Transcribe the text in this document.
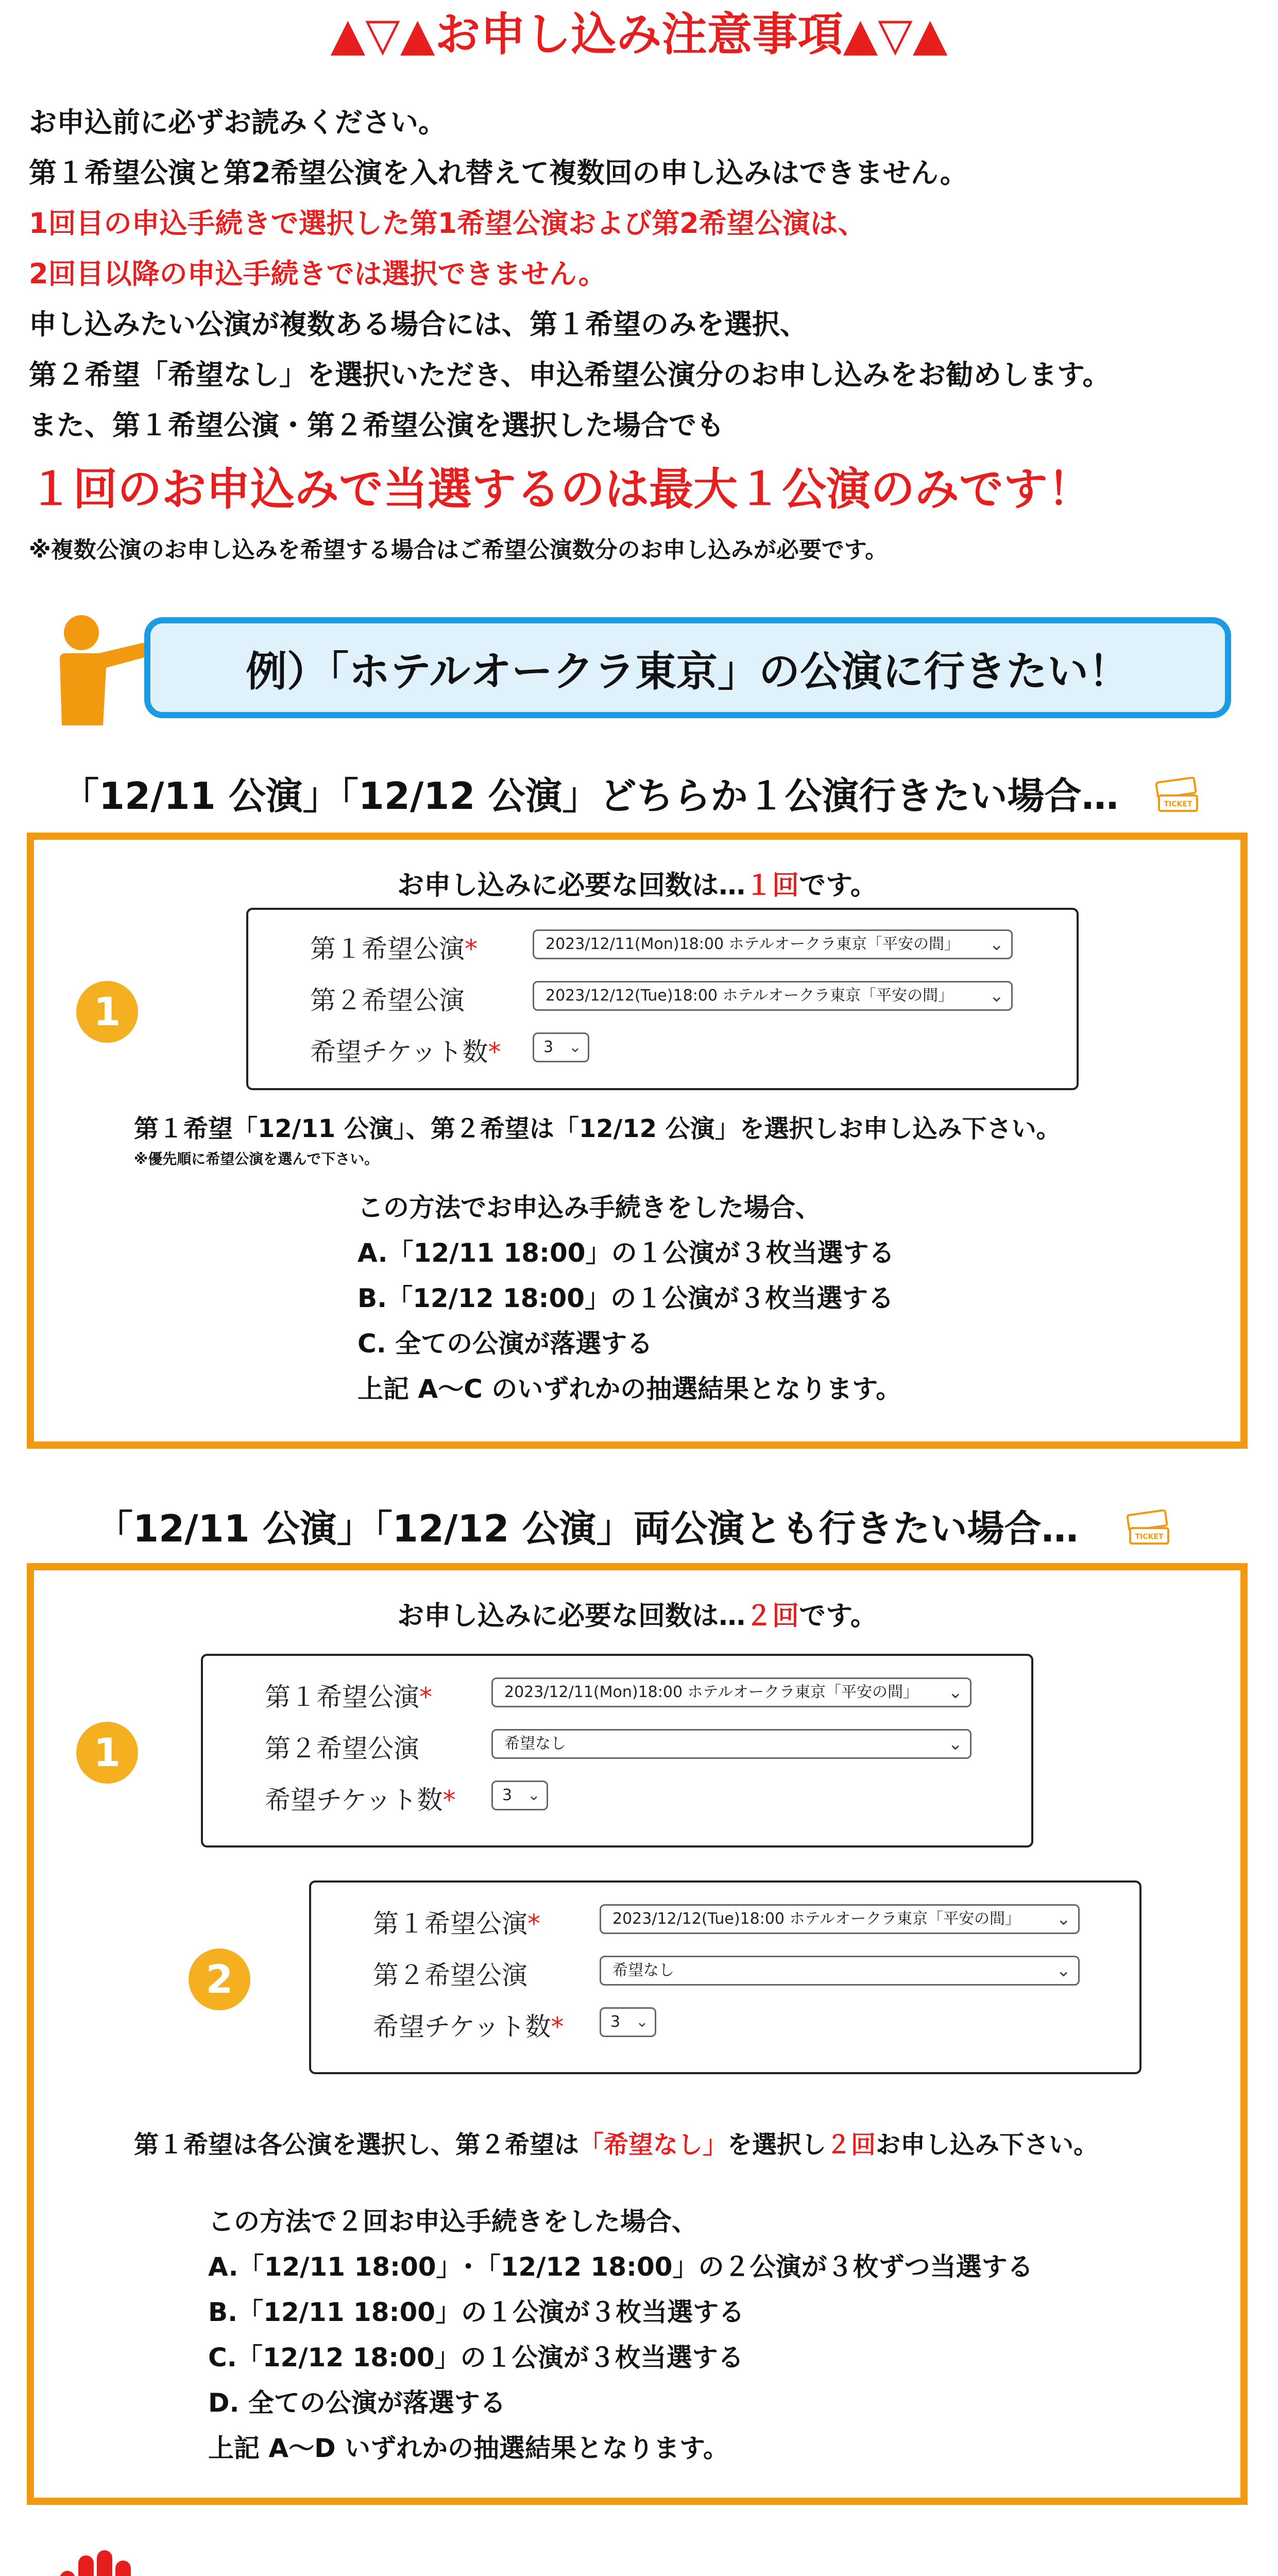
▲▽▲お申し込み注意事項▲▽▲
お申込前に必ずお読みください。
第１希望公演と第2希望公演を入れ替えて複数回の申し込みはできません。
1回目の申込手続きで選択した第1希望公演および第2希望公演は、
2回目以降の申込手続きでは選択できません。
申し込みたい公演が複数ある場合には、第１希望のみを選択、
第２希望「希望なし」を選択いただき、申込希望公演分のお申し込みをお勧めします。
また、第１希望公演・第２希望公演を選択した場合でも
１回のお申込みで当選するのは最大１公演のみです！
※複数公演のお申し込みを希望する場合はご希望公演数分のお申し込みが必要です。
例）「ホテルオークラ東京」の公演に行きたい！
「12/11 公演」「12/12 公演」どちらか１公演行きたい場合…	TICKET
お申し込みに必要な回数は…１回です。
1
第１希望公演*	2023/12/11(Mon)18:00 ホテルオークラ東京「平安の間」 ⌄
第２希望公演	2023/12/12(Tue)18:00 ホテルオークラ東京「平安の間」 ⌄
希望チケット数*	3 ⌄
第１希望「12/11 公演」、第２希望は「12/12 公演」を選択しお申し込み下さい。
※優先順に希望公演を選んで下さい。
この方法でお申込み手続きをした場合、
A.「12/11 18:00」の１公演が３枚当選する
B.「12/12 18:00」の１公演が３枚当選する
C. 全ての公演が落選する
上記 A〜C のいずれかの抽選結果となります。
「12/11 公演」「12/12 公演」両公演とも行きたい場合…	TICKET
お申し込みに必要な回数は…２回です。
1
第１希望公演*	2023/12/11(Mon)18:00 ホテルオークラ東京「平安の間」 ⌄
第２希望公演	希望なし	⌄
希望チケット数*	3 ⌄
2
第１希望公演*	2023/12/12(Tue)18:00 ホテルオークラ東京「平安の間」 ⌄
第２希望公演	希望なし	⌄
希望チケット数*	3 ⌄
第１希望は各公演を選択し、第２希望は「希望なし」を選択し２回お申し込み下さい。
この方法で２回お申込手続きをした場合、
A.「12/11 18:00」･「12/12 18:00」の２公演が３枚ずつ当選する
B.「12/11 18:00」の１公演が３枚当選する
C.「12/12 18:00」の１公演が３枚当選する
D. 全ての公演が落選する
上記 A〜D いずれかの抽選結果となります。
